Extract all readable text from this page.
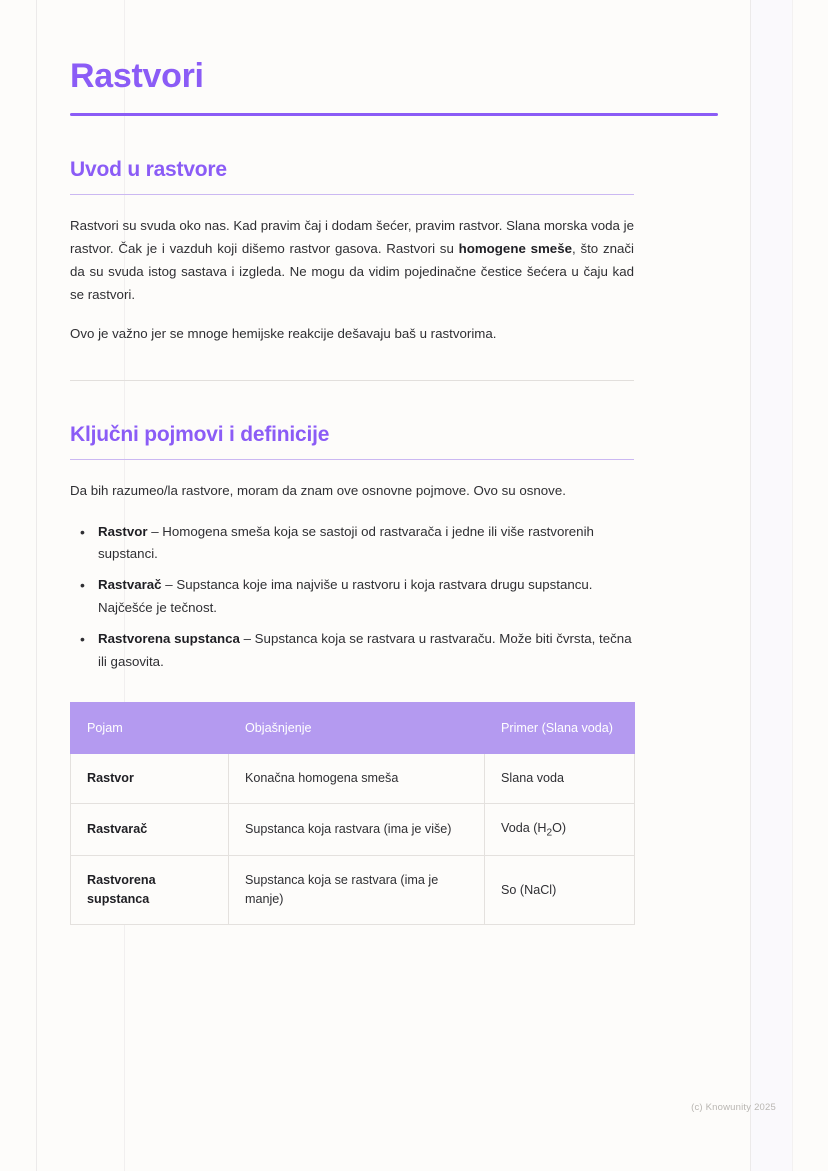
Rastvori
Uvod u rastvore

Rastvori su svuda oko nas. Kad pravim čaj i dodam šećer, pravim rastvor. Slana morska voda je rastvor. Čak je i vazduh koji dišemo rastvor gasova. Rastvori su homogene smeše, što znači da su svuda istog sastava i izgleda. Ne mogu da vidim pojedinačne čestice šećera u čaju kad se rastvori.

Ovo je važno jer se mnoge hemijske reakcije dešavaju baš u rastvorima.

Ključni pojmovi i definicije

Da bih razumeo/la rastvore, moram da znam ove osnovne pojmove. Ovo su osnove.

• Rastvor – Homogena smeša koja se sastoji od rastvarača i jedne ili više rastvorenih supstanci.
• Rastvarač – Supstanca koje ima najviše u rastvoru i koja rastvara drugu supstancu. Najčešće je tečnost.
• Rastvorena supstanca – Supstanca koja se rastvara u rastvaraču. Može biti čvrsta, tečna ili gasovita.
Pojam	Objašnjenje	Primer (Slana voda)
Rastvor	Konačna homogena smeša	Slana voda
Rastvarač	Supstanca koja rastvara (ima je više)	Voda $(H_2O)$
Rastvorena supstanca	Supstanca koja se rastvara (ima je manje)	So (NaCl)
(c) Knowunity 2025
